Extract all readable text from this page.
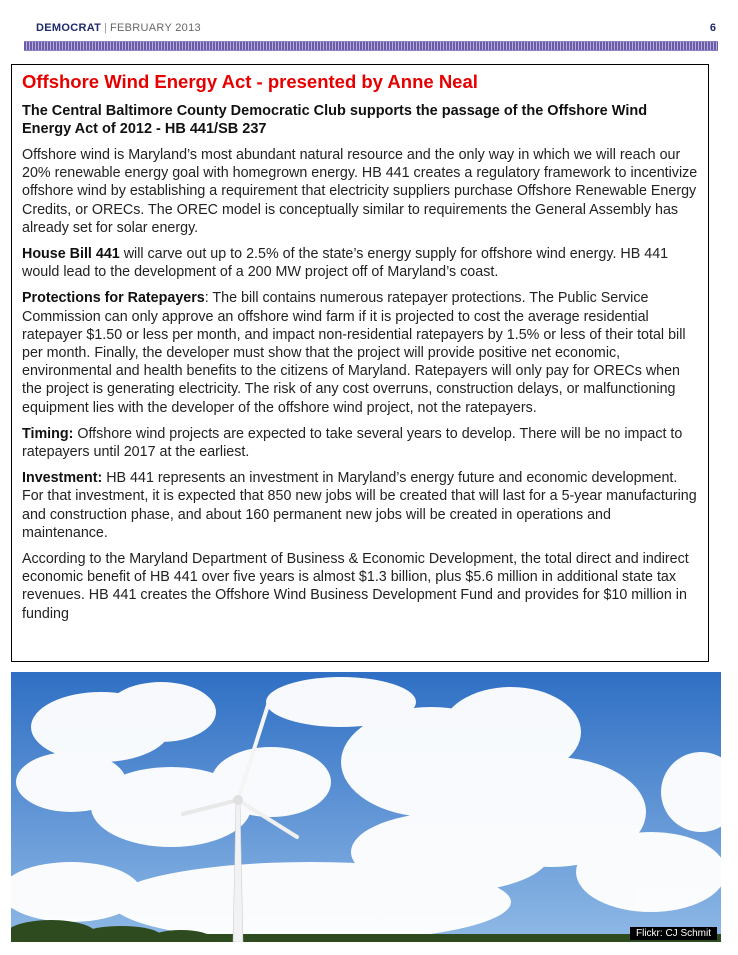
DEMOCRAT | FEBRUARY 2013	6
Offshore Wind Energy Act - presented by Anne Neal
The Central Baltimore County Democratic Club supports the passage of the Offshore Wind Energy Act of 2012 - HB 441/SB 237

Offshore wind is Maryland’s most abundant natural resource and the only way in which we will reach our 20% renewable energy goal with homegrown energy. HB 441 creates a regulatory framework to incentivize offshore wind by establishing a requirement that electricity suppliers purchase Offshore Renewable Energy Credits, or ORECs. The OREC model is conceptually similar to requirements the General Assembly has already set for solar energy.

House Bill 441 will carve out up to 2.5% of the state’s energy supply for offshore wind energy. HB 441 would lead to the development of a 200 MW project off of Maryland’s coast.

Protections for Ratepayers: The bill contains numerous ratepayer protections. The Public Service Commission can only approve an offshore wind farm if it is projected to cost the average residential ratepayer $1.50 or less per month, and impact non-residential ratepayers by 1.5% or less of their total bill per month. Finally, the developer must show that the project will provide positive net economic, environmental and health benefits to the citizens of Maryland. Ratepayers will only pay for ORECs when the project is generating electricity. The risk of any cost overruns, construction delays, or malfunctioning equipment lies with the developer of the offshore wind project, not the ratepayers.

Timing: Offshore wind projects are expected to take several years to develop. There will be no impact to ratepayers until 2017 at the earliest.

Investment: HB 441 represents an investment in Maryland’s energy future and economic development. For that investment, it is expected that 850 new jobs will be created that will last for a 5-year manufacturing and construction phase, and about 160 permanent new jobs will be created in operations and maintenance.

According to the Maryland Department of Business & Economic Development, the total direct and indirect economic benefit of HB 441 over five years is almost $1.3 billion, plus $5.6 million in additional state tax revenues. HB 441 creates the Offshore Wind Business Development Fund and provides for $10 million in funding

Flickr: CJ Schmit
